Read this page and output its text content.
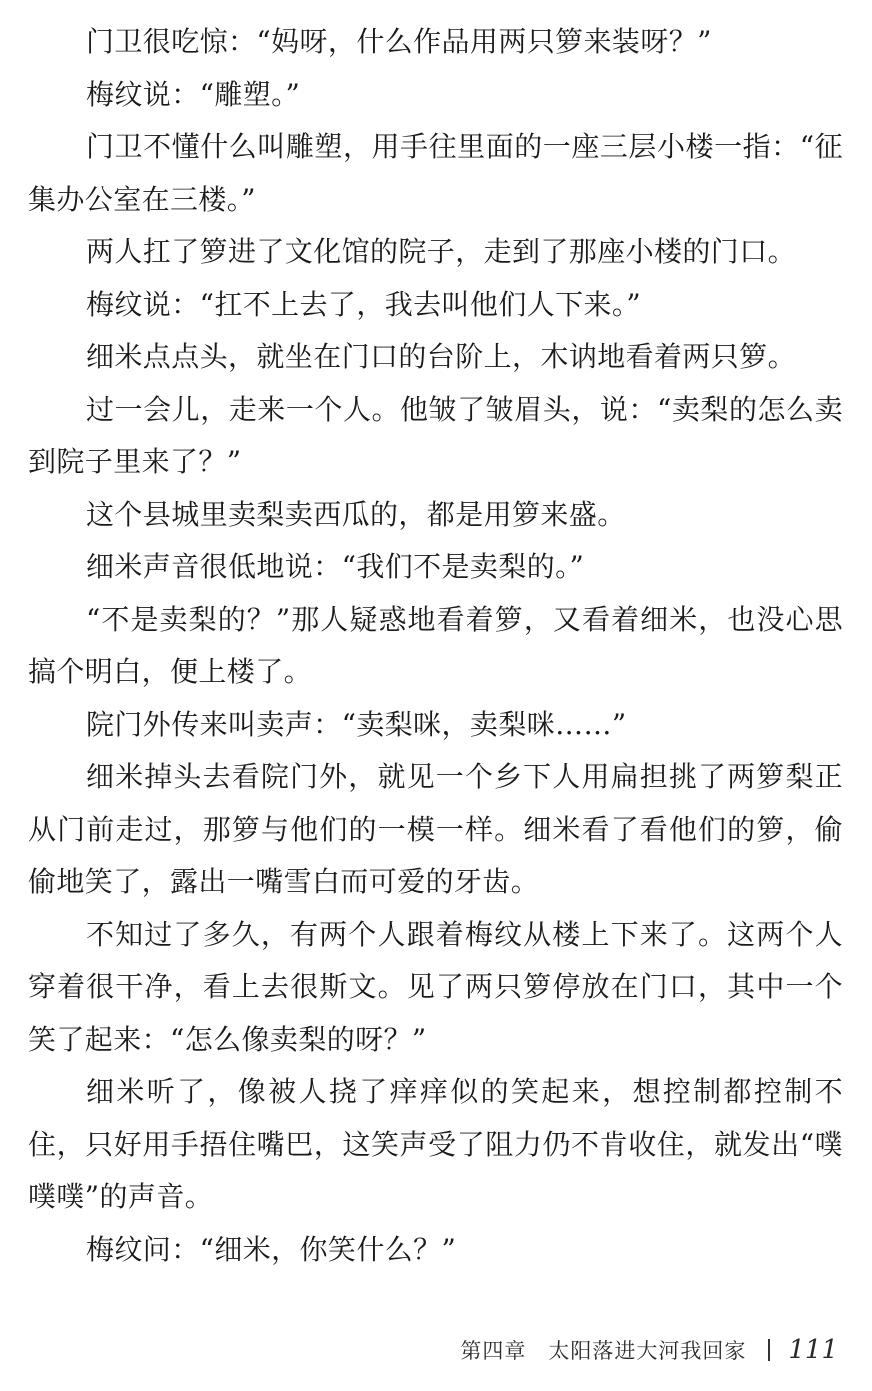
门卫很吃惊：“妈呀，什么作品用两只箩来装呀？”

梅纹说：“雕塑。”

门卫不懂什么叫雕塑，用手往里面的一座三层小楼一指：“征集办公室在三楼。”

两人扛了箩进了文化馆的院子，走到了那座小楼的门口。

梅纹说：“扛不上去了，我去叫他们人下来。”

细米点点头，就坐在门口的台阶上，木讷地看着两只箩。

过一会儿，走来一个人。他皱了皱眉头，说：“卖梨的怎么卖到院子里来了？”

这个县城里卖梨卖西瓜的，都是用箩来盛。

细米声音很低地说：“我们不是卖梨的。”

“不是卖梨的？”那人疑惑地看着箩，又看着细米，也没心思搞个明白，便上楼了。

院门外传来叫卖声：“卖梨咪，卖梨咪……”

细米掉头去看院门外，就见一个乡下人用扁担挑了两箩梨正从门前走过，那箩与他们的一模一样。细米看了看他们的箩，偷偷地笑了，露出一嘴雪白而可爱的牙齿。

不知过了多久，有两个人跟着梅纹从楼上下来了。这两个人穿着很干净，看上去很斯文。见了两只箩停放在门口，其中一个笑了起来：“怎么像卖梨的呀？”

细米听了，像被人挠了痒痒似的笑起来，想控制都控制不住，只好用手捂住嘴巴，这笑声受了阻力仍不肯收住，就发出“噗噗噗”的声音。

梅纹问：“细米，你笑什么？”

第四章　太阳落进大河我回家 111
